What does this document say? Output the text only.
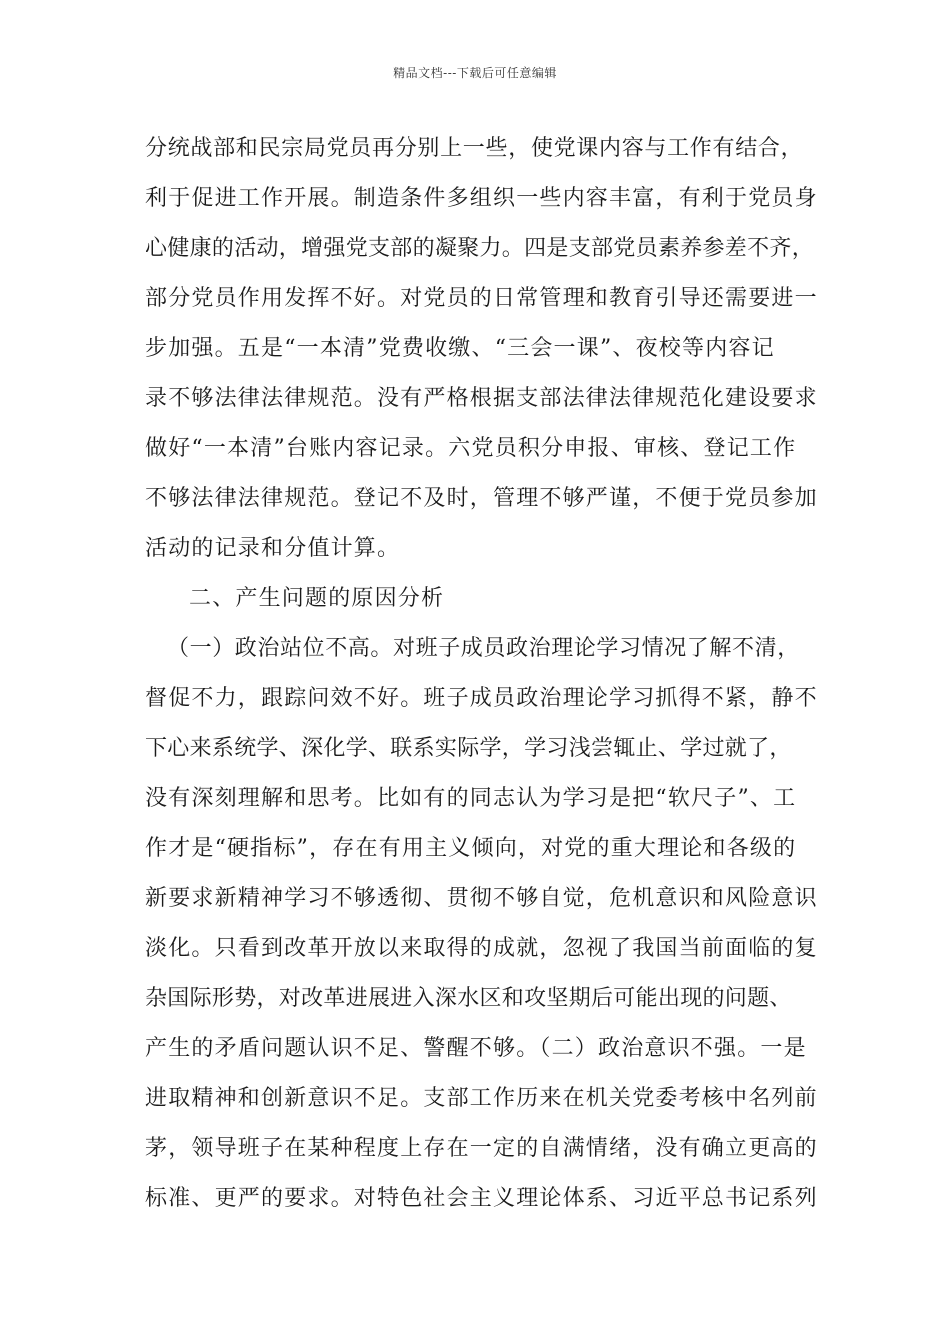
精品文档---下载后可任意编辑
分统战部和民宗局党员再分别上一些，使党课内容与工作有结合，
利于促进工作开展。制造条件多组织一些内容丰富，有利于党员身
心健康的活动，增强党支部的凝聚力。四是支部党员素养参差不齐，
部分党员作用发挥不好。对党员的日常管理和教育引导还需要进一
步加强。五是“一本清”党费收缴、“三会一课”、夜校等内容记
录不够法律法律规范。没有严格根据支部法律法律规范化建设要求
做好“一本清”台账内容记录。六党员积分申报、审核、登记工作
不够法律法律规范。登记不及时，管理不够严谨，不便于党员参加
活动的记录和分值计算。
二、产生问题的原因分析
（一）政治站位不高。对班子成员政治理论学习情况了解不清，
督促不力，跟踪问效不好。班子成员政治理论学习抓得不紧，静不
下心来系统学、深化学、联系实际学，学习浅尝辄止、学过就了，
没有深刻理解和思考。比如有的同志认为学习是把“软尺子”、工
作才是“硬指标”，存在有用主义倾向，对党的重大理论和各级的
新要求新精神学习不够透彻、贯彻不够自觉，危机意识和风险意识
淡化。只看到改革开放以来取得的成就，忽视了我国当前面临的复
杂国际形势，对改革进展进入深水区和攻坚期后可能出现的问题、
产生的矛盾问题认识不足、警醒不够。（二）政治意识不强。一是
进取精神和创新意识不足。支部工作历来在机关党委考核中名列前
茅，领导班子在某种程度上存在一定的自满情绪，没有确立更高的
标准、更严的要求。对特色社会主义理论体系、习近平总书记系列
